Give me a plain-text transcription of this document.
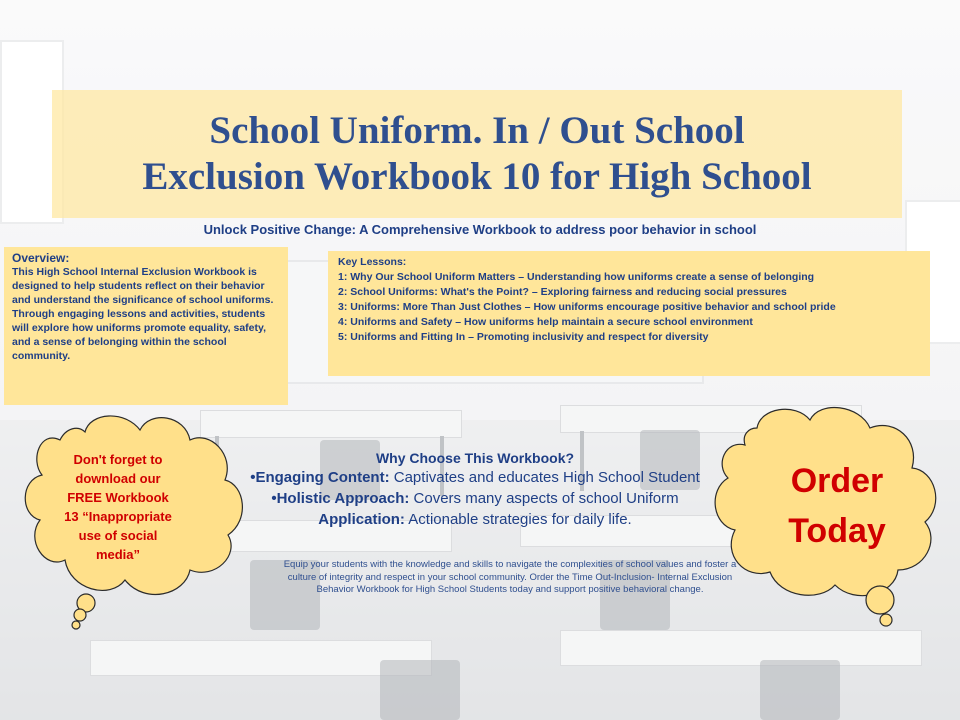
School Uniform. In / Out School
Exclusion Workbook 10 for High School
Unlock Positive Change: A Comprehensive Workbook to address poor behavior in school

Overview:

This High School Internal Exclusion Workbook is designed to help students reflect on their behavior and understand the significance of school uniforms. Through engaging lessons and activities, students will explore how uniforms promote equality, safety, and a sense of belonging within the school community.

Key Lessons:

1: Why Our School Uniform Matters – Understanding how uniforms create a sense of belonging

2: School Uniforms: What's the Point? – Exploring fairness and reducing social pressures

3: Uniforms: More Than Just Clothes – How uniforms encourage positive behavior and school pride

4: Uniforms and Safety – How uniforms help maintain a secure school environment

5: Uniforms and Fitting In – Promoting inclusivity and respect for diversity

Don't forget to
download our
FREE Workbook
13 “Inappropriate
use of social
media”
Order
Today

Why Choose This Workbook?

•Engaging Content: Captivates and educates High School Student

•Holistic Approach: Covers many aspects of school Uniform

Application: Actionable strategies for daily life.

Equip your students with the knowledge and skills to navigate the complexities of school values and foster a culture of integrity and respect in your school community. Order the Time Out-Inclusion- Internal Exclusion Behavior Workbook for High School Students today and support positive behavioral change.
